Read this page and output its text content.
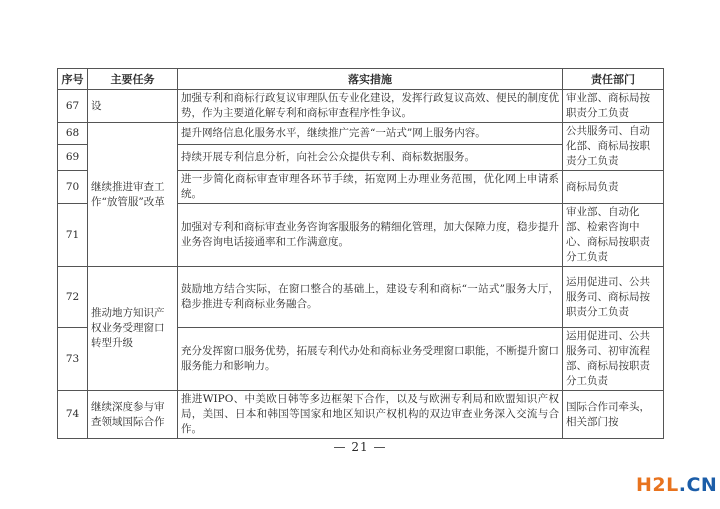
序号	主要任务	落实措施	责任部门
67	设	加强专利和商标行政复议审理队伍专业化建设，发挥行政复议高效、便民的制度优势，作为主要道化解专利和商标审查程序性争议。	审业部、商标局按职责分工负责
68	继续推进审查工作“放管服”改革	提升网络信息化服务水平，继续推广完善“一站式”网上服务内容。	公共服务司、自动化部、商标局按职责分工负责
69		持续开展专利信息分析，向社会公众提供专利、商标数据服务。	
70		进一步简化商标审查审理各环节手续，拓宽网上办理业务范围，优化网上申请系统。	商标局负责
71		加强对专利和商标审查业务咨询客服服务的精细化管理，加大保障力度，稳步提升业务咨询电话接通率和工作满意度。	审业部、自动化部、检索咨询中心、商标局按职责分工负责
72	推动地方知识产权业务受理窗口转型升级	鼓励地方结合实际，在窗口整合的基础上，建设专利和商标“一站式”服务大厅，稳步推进专利商标业务融合。	运用促进司、公共服务司、商标局按职责分工负责
73		充分发挥窗口服务优势，拓展专利代办处和商标业务受理窗口职能，不断提升窗口服务能力和影响力。	运用促进司、公共服务司、初审流程部、商标局按职责分工负责
74	继续深度参与审查领域国际合作	推进WIPO、中美欧日韩等多边框架下合作，以及与欧洲专利局和欧盟知识产权局，美国、日本和韩国等国家和地区知识产权机构的双边审查业务深入交流与合作。	国际合作司牵头，相关部门按
— 21 —
H2L.CN
